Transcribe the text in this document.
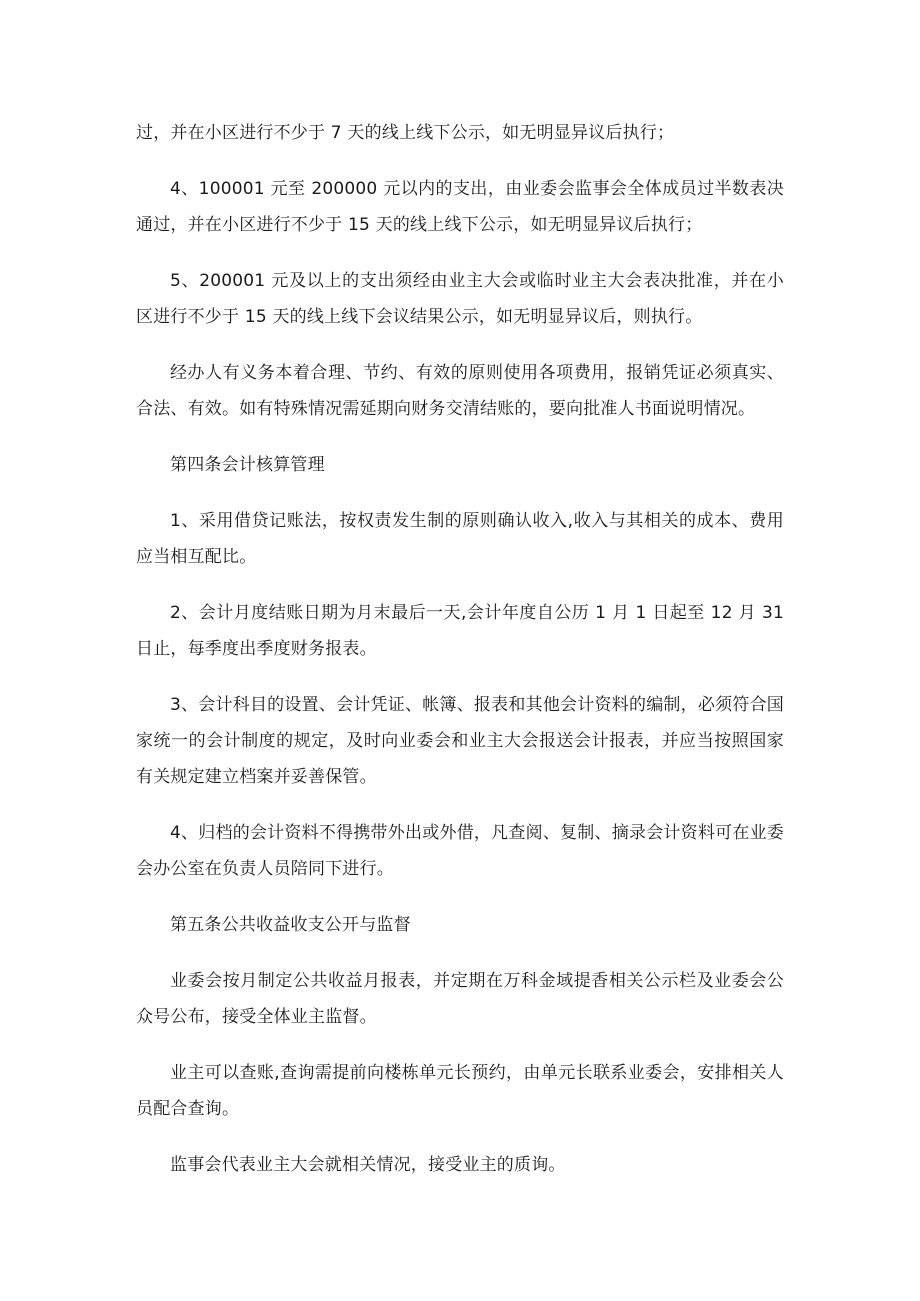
过，并在小区进行不少于 7 天的线上线下公示，如无明显异议后执行；

4、100001 元至 200000 元以内的支出，由业委会监事会全体成员过半数表决通过，并在小区进行不少于 15 天的线上线下公示，如无明显异议后执行；

5、200001 元及以上的支出须经由业主大会或临时业主大会表决批准，并在小区进行不少于 15 天的线上线下会议结果公示，如无明显异议后，则执行。

经办人有义务本着合理、节约、有效的原则使用各项费用，报销凭证必须真实、合法、有效。如有特殊情况需延期向财务交清结账的，要向批准人书面说明情况。

第四条会计核算管理

1、采用借贷记账法，按权责发生制的原则确认收入,收入与其相关的成本、费用应当相互配比。

2、会计月度结账日期为月末最后一天,会计年度自公历 1 月 1 日起至 12 月 31 日止，每季度出季度财务报表。

3、会计科目的设置、会计凭证、帐簿、报表和其他会计资料的编制，必须符合国家统一的会计制度的规定，及时向业委会和业主大会报送会计报表，并应当按照国家有关规定建立档案并妥善保管。

4、归档的会计资料不得携带外出或外借，凡查阅、复制、摘录会计资料可在业委会办公室在负责人员陪同下进行。

第五条公共收益收支公开与监督

业委会按月制定公共收益月报表，并定期在万科金域提香相关公示栏及业委会公众号公布，接受全体业主监督。

业主可以查账,查询需提前向楼栋单元长预约，由单元长联系业委会，安排相关人员配合查询。

监事会代表业主大会就相关情况，接受业主的质询。
